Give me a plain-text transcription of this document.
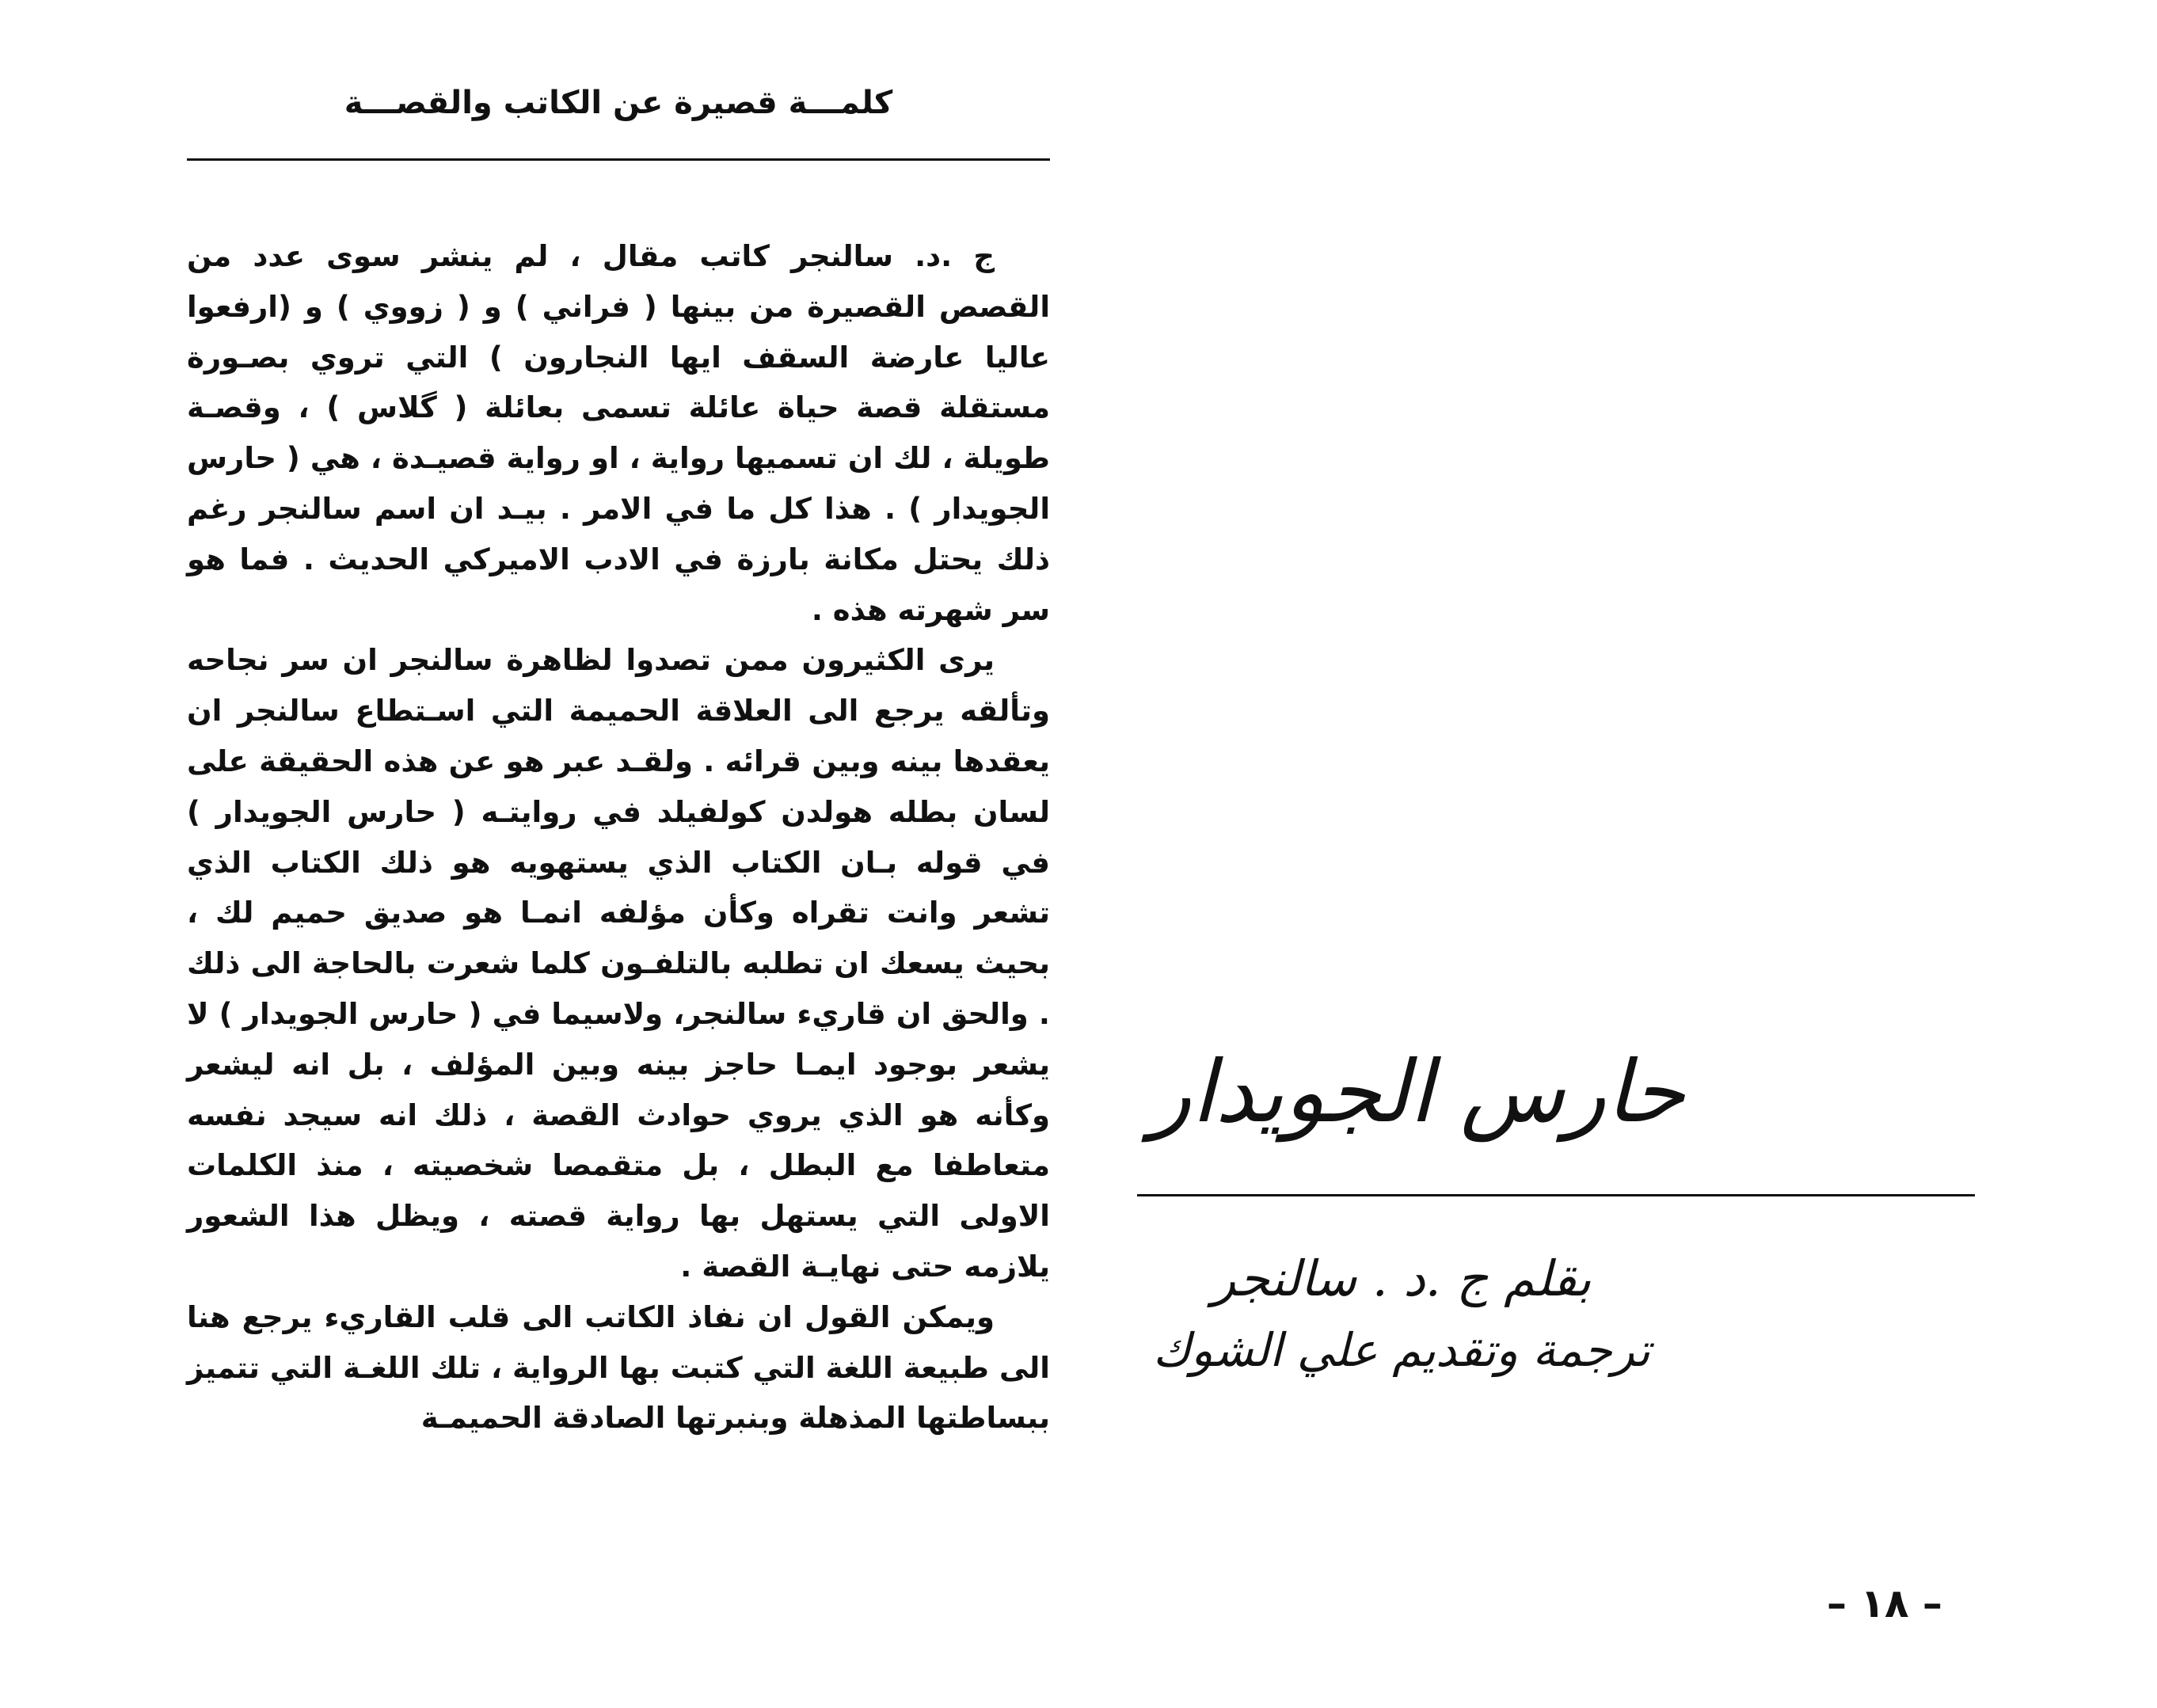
كلمـــة قصيرة عن الكاتب والقصـــة

ج .د. سالنجر كاتب مقال ، لم ينشر سوى عدد من القصص القصيرة من بينها ( فراني ) و ( زووي ) و (ارفعوا عاليا عارضة السقف ايها النجارون ) التي تروي بصـورة مستقلة قصة حياة عائلة تسمى بعائلة ( گلاس ) ، وقصـة طويلة ، لك ان تسميها رواية ، او رواية قصيـدة ، هي ( حارس الجويدار ) . هذا كل ما في الامر . بيـد ان اسم سالنجر رغم ذلك يحتل مكانة بارزة في الادب الاميركي الحديث . فما هو سر شهرته هذه .

يرى الكثيرون ممن تصدوا لظاهرة سالنجر ان سر نجاحه وتألقه يرجع الى العلاقة الحميمة التي اسـتطاع سالنجر ان يعقدها بينه وبين قرائه . ولقـد عبر هو عن هذه الحقيقة على لسان بطله هولدن كولفيلد في روايتـه ( حارس الجويدار ) في قوله بـان الكتاب الذي يستهويه هو ذلك الكتاب الذي تشعر وانت تقراه وكأن مؤلفه انمـا هو صديق حميم لك ، بحيث يسعك ان تطلبه بالتلفـون كلما شعرت بالحاجة الى ذلك . والحق ان قاريء سالنجر، ولاسيما في ( حارس الجويدار ) لا يشعر بوجود ايمـا حاجز بينه وبين المؤلف ، بل انه ليشعر وكأنه هو الذي يروي حوادث القصة ، ذلك انه سيجد نفسه متعاطفا مع البطل ، بل متقمصا شخصيته ، منذ الكلمات الاولى التي يستهل بها رواية قصته ، ويظل هذا الشعور يلازمه حتى نهايـة القصة .

ويمكن القول ان نفاذ الكاتب الى قلب القاريء يرجع هنا الى طبيعة اللغة التي كتبت بها الرواية ، تلك اللغـة التي تتميز ببساطتها المذهلة وبنبرتها الصادقة الحميمـة

حارس الجويدار
بقلم ج .د . سالنجر
ترجمة وتقديم علي الشوك
– ١٨ –
